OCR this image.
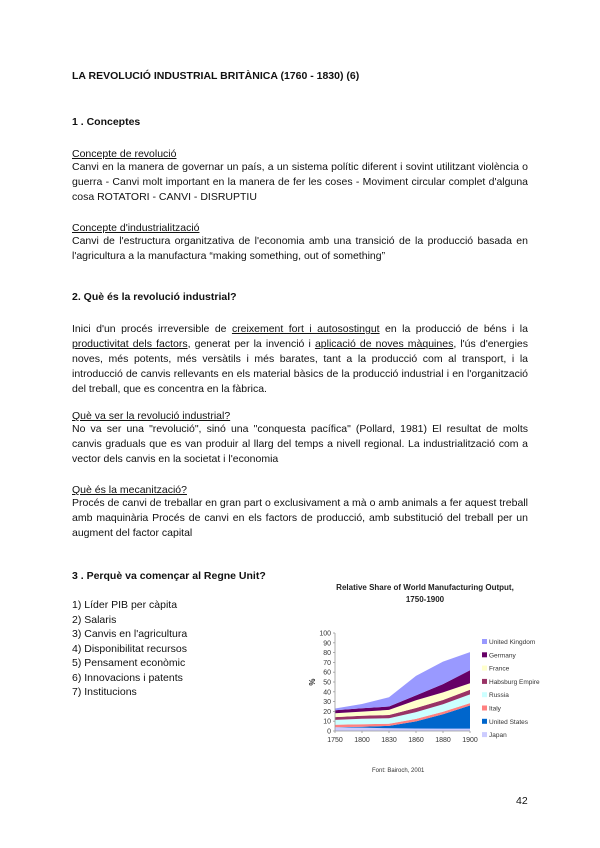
LA REVOLUCIÓ INDUSTRIAL BRITÀNICA (1760 - 1830) (6)
1 . Conceptes
Concepte de revolució
Canvi en la manera de governar un país, a un sistema polític diferent i sovint utilitzant violència o guerra - Canvi molt important en la manera de fer les coses - Moviment circular complet d'alguna cosa ROTATORI - CANVI - DISRUPTIU
Concepte d'industrialització
Canvi de l'estructura organitzativa de l'economia amb una transició de la producció basada en l'agricultura a la manufactura “making something, out of something”
2. Què és la revolució industrial?
Inici d'un procés irreversible de creixement fort i autosostingut en la producció de béns i la productivitat dels factors, generat per la invenció i aplicació de noves màquines, l'ús d'energies noves, més potents, més versàtils i més barates, tant a la producció com al transport, i la introducció de canvis rellevants en els material bàsics de la producció industrial i en l'organització del treball, que es concentra en la fàbrica.
Què va ser la revolució industrial?
No va ser una "revolució", sinó una "conquesta pacífica" (Pollard, 1981) El resultat de molts canvis graduals que es van produir al llarg del temps a nivell regional. La industrialització com a vector dels canvis en la societat i l'economia
Què és la mecanització?
Procés de canvi de treballar en gran part o exclusivament a mà o amb animals a fer aquest treball amb maquinària Procés de canvi en els factors de producció, amb substitució del treball per un augment del factor capital
3 . Perquè va començar al Regne Unit?
1) Líder PIB per càpita
2) Salaris
3) Canvis en l'agricultura
4) Disponibilitat recursos
5) Pensament econòmic
6) Innovacions i patents
7) Institucions
Relative Share of World Manufacturing Output,
1750-1900
0
10
20
30
40
50
60
70
80
90
100
1750 1800 1830 1860 1880 1900
United Kingdom
Germany
France
Habsburg Empire
Russia
Italy
United States
Japan
%
Font: Bairoch, 2001
42
